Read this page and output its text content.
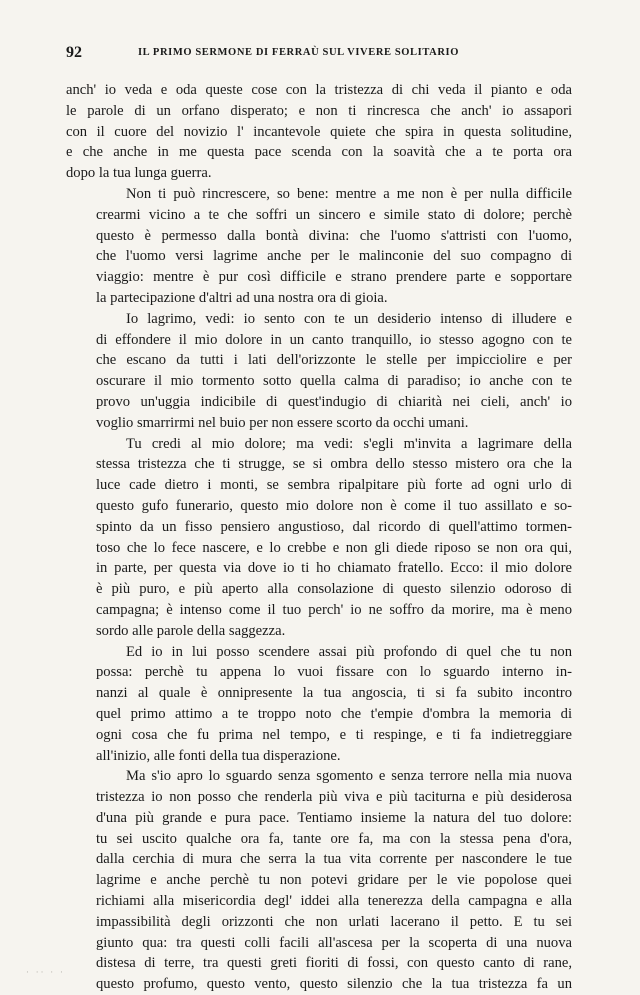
92	IL PRIMO SERMONE DI FERRAÙ SUL VIVERE SOLITARIO
anch' io veda e oda queste cose con la tristezza di chi veda il pianto e oda
le parole di un orfano disperato; e non ti rincresca che anch' io assapori
con il cuore del novizio l' incantevole quiete che spira in questa solitudine,
e che anche in me questa pace scenda con la soavità che a te porta ora
dopo la tua lunga guerra.
Non ti può rincrescere, so bene: mentre a me non è per nulla difficile
crearmi vicino a te che soffri un sincero e simile stato di dolore; perchè
questo è permesso dalla bontà divina: che l'uomo s'attristi con l'uomo,
che l'uomo versi lagrime anche per le malinconie del suo compagno di
viaggio: mentre è pur così difficile e strano prendere parte e sopportare
la partecipazione d'altri ad una nostra ora di gioia.
Io lagrimo, vedi: io sento con te un desiderio intenso di illudere e
di effondere il mio dolore in un canto tranquillo, io stesso agogno con te
che escano da tutti i lati dell'orizzonte le stelle per impicciolire e per
oscurare il mio tormento sotto quella calma di paradiso; io anche con te
provo un'uggia indicibile di quest'indugio di chiarità nei cieli, anch' io
voglio smarrirmi nel buio per non essere scorto da occhi umani.
Tu credi al mio dolore; ma vedi: s'egli m'invita a lagrimare della
stessa tristezza che ti strugge, se si ombra dello stesso mistero ora che la
luce cade dietro i monti, se sembra ripalpitare più forte ad ogni urlo di
questo gufo funerario, questo mio dolore non è come il tuo assillato e so-
spinto da un fisso pensiero angustioso, dal ricordo di quell'attimo tormen-
toso che lo fece nascere, e lo crebbe e non gli diede riposo se non ora qui,
in parte, per questa via dove io ti ho chiamato fratello. Ecco: il mio dolore
è più puro, e più aperto alla consolazione di questo silenzio odoroso di
campagna; è intenso come il tuo perch' io ne soffro da morire, ma è meno
sordo alle parole della saggezza.
Ed io in lui posso scendere assai più profondo di quel che tu non
possa: perchè tu appena lo vuoi fissare con lo sguardo interno in-
nanzi al quale è onnipresente la tua angoscia, ti si fa subito incontro
quel primo attimo a te troppo noto che t'empie d'ombra la memoria di
ogni cosa che fu prima nel tempo, e ti respinge, e ti fa indietreggiare
all'inizio, alle fonti della tua disperazione.
Ma s'io apro lo sguardo senza sgomento e senza terrore nella mia nuova
tristezza io non posso che renderla più viva e più taciturna e più desiderosa
d'una più grande e pura pace. Tentiamo insieme la natura del tuo dolore:
tu sei uscito qualche ora fa, tante ore fa, ma con la stessa pena d'ora,
dalla cerchia di mura che serra la tua vita corrente per nascondere le tue
lagrime e anche perchè tu non potevi gridare per le vie popolose quei
richiami alla misericordia degl' iddei alla tenerezza della campagna e alla
impassibilità degli orizzonti che non urlati lacerano il petto. E tu sei
giunto qua: tra questi colli facili all'ascesa per la scoperta di una nuova
distesa di terre, tra questi greti fioriti di fossi, con questo canto di rane,
questo profumo, questo vento, questo silenzio che la tua tristezza fa un
· ·· · ·
